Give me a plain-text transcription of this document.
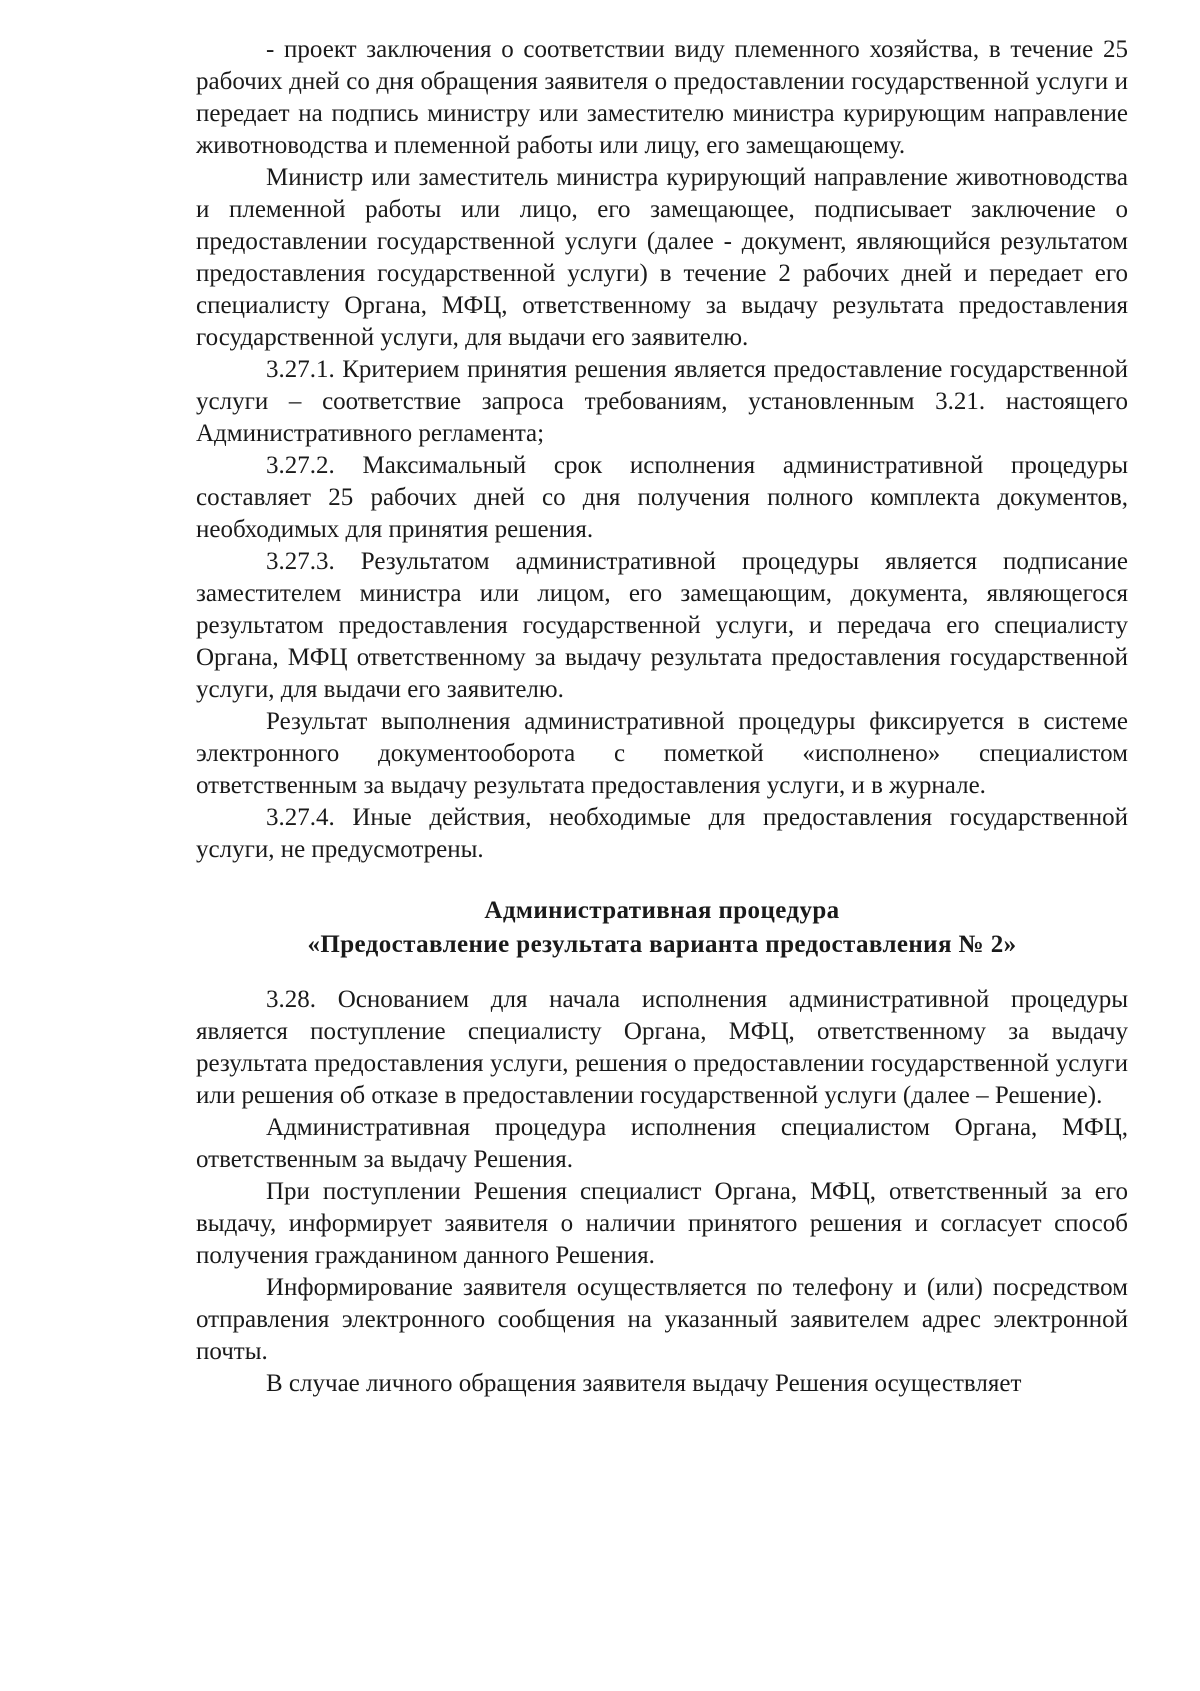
- проект заключения о соответствии виду племенного хозяйства, в течение 25 рабочих дней со дня обращения заявителя о предоставлении государственной услуги и передает на подпись министру или заместителю министра курирующим направление животноводства и племенной работы или лицу, его замещающему.

Министр или заместитель министра курирующий направление животноводства и племенной работы или лицо, его замещающее, подписывает заключение о предоставлении государственной услуги (далее - документ, являющийся результатом предоставления государственной услуги) в течение 2 рабочих дней и передает его специалисту Органа, МФЦ, ответственному за выдачу результата предоставления государственной услуги, для выдачи его заявителю.

3.27.1. Критерием принятия решения является предоставление государственной услуги – соответствие запроса требованиям, установленным 3.21. настоящего Административного регламента;

3.27.2. Максимальный срок исполнения административной процедуры составляет 25 рабочих дней со дня получения полного комплекта документов, необходимых для принятия решения.

3.27.3. Результатом административной процедуры является подписание заместителем министра или лицом, его замещающим, документа, являющегося результатом предоставления государственной услуги, и передача его специалисту Органа, МФЦ ответственному за выдачу результата предоставления государственной услуги, для выдачи его заявителю.

Результат выполнения административной процедуры фиксируется в системе электронного документооборота с пометкой «исполнено» специалистом ответственным за выдачу результата предоставления услуги, и в журнале.

3.27.4. Иные действия, необходимые для предоставления государственной услуги, не предусмотрены.

Административная процедура
«Предоставление результата варианта предоставления № 2»

3.28. Основанием для начала исполнения административной процедуры является поступление специалисту Органа, МФЦ, ответственному за выдачу результата предоставления услуги, решения о предоставлении государственной услуги или решения об отказе в предоставлении государственной услуги (далее – Решение).

Административная процедура исполнения специалистом Органа, МФЦ, ответственным за выдачу Решения.

При поступлении Решения специалист Органа, МФЦ, ответственный за его выдачу, информирует заявителя о наличии принятого решения и согласует способ получения гражданином данного Решения.

Информирование заявителя осуществляется по телефону и (или) посредством отправления электронного сообщения на указанный заявителем адрес электронной почты.

В случае личного обращения заявителя выдачу Решения осуществляет
